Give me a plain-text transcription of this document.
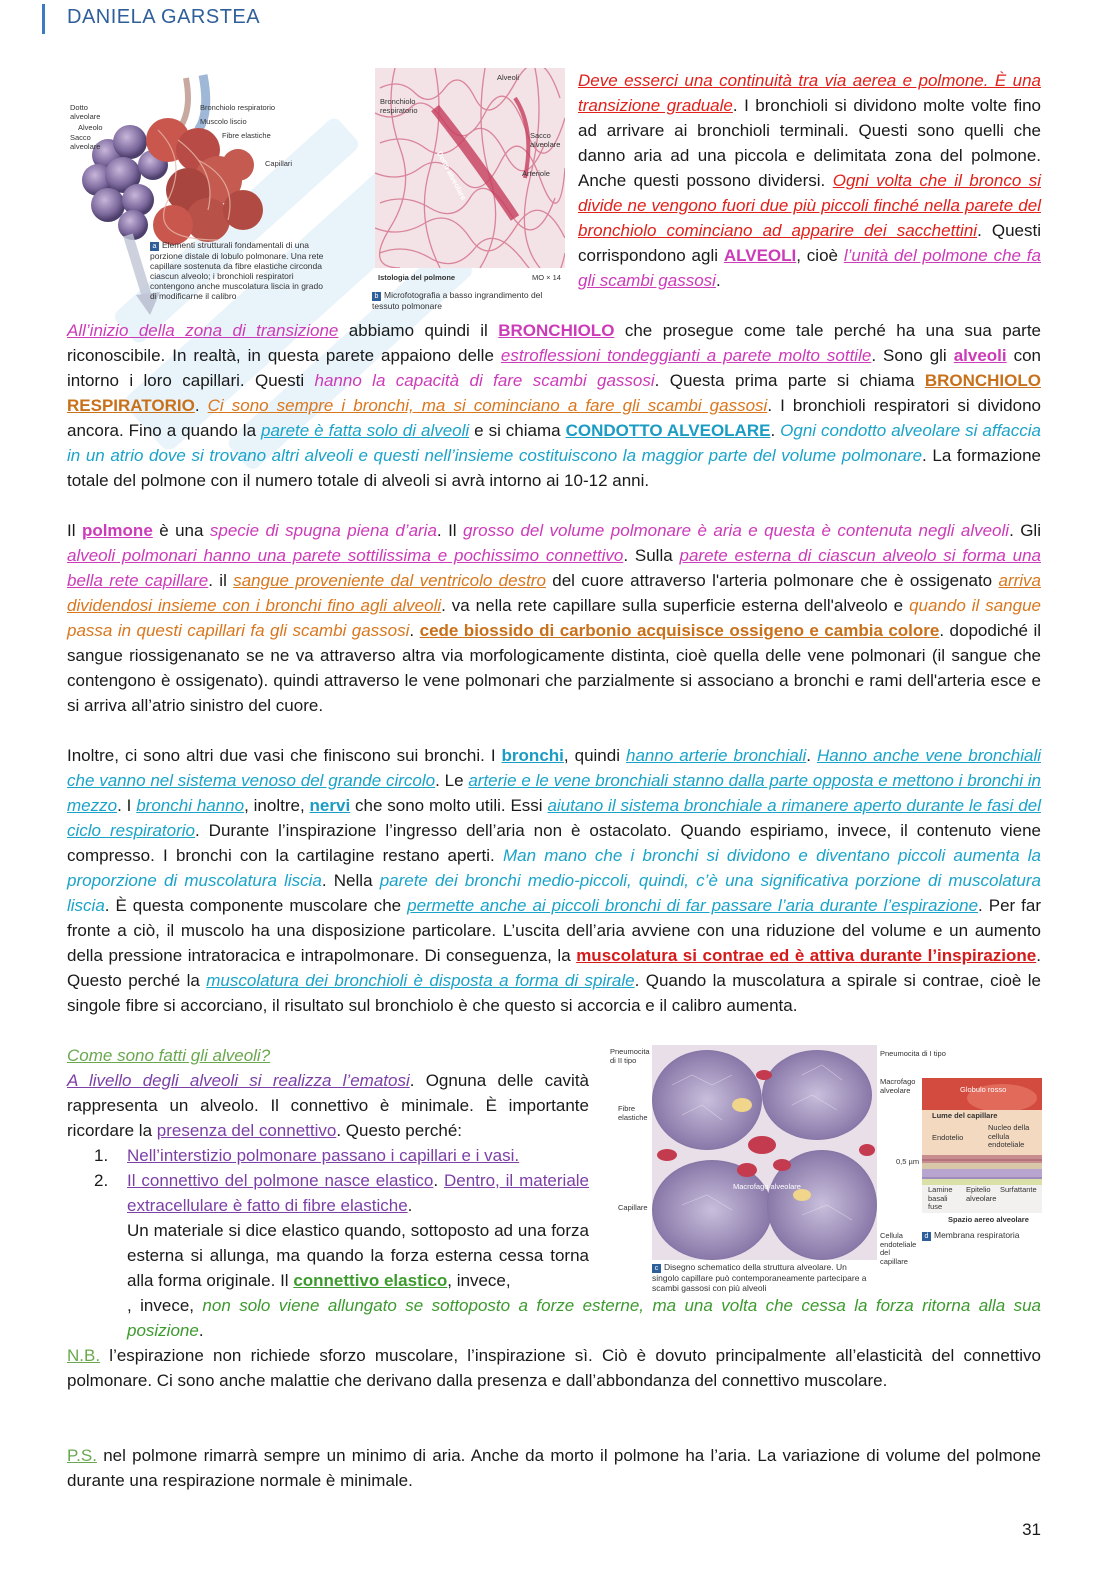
DANIELA GARSTEA
Dotto alveolare
Alveolo
Sacco alveolare
Bronchiolo respiratorio
Muscolo liscio
Fibre elastiche
Capillari
a Elementi strutturali fondamentali di una porzione distale di lobulo polmonare. Una rete capillare sostenuta da fibre elastiche circonda ciascun alveolo; i bronchioli respiratori contengono anche muscolatura liscia in grado di modificarne il calibro
Bronchiolo respiratorio
Alveoli
Sacco alveolare
Dotto alveolare	Arteriole
Istologia del polmone	MO × 14
b Microfotografia a basso ingrandimento del tessuto polmonare
Deve esserci una continuità tra via aerea e polmone. È una transizione graduale. I bronchioli si dividono molte volte fino ad arrivare ai bronchioli terminali. Questi sono quelli che danno aria ad una piccola e delimitata zona del polmone. Anche questi possono dividersi. Ogni volta che il bronco si divide ne vengono fuori due più piccoli finché nella parete del bronchiolo cominciano ad apparire dei sacchettini. Questi corrispondono agli ALVEOLI, cioè l’unità del polmone che fa gli scambi gassosi.
All’inizio della zona di transizione abbiamo quindi il BRONCHIOLO che prosegue come tale perché ha una sua parte riconoscibile. In realtà, in questa parete appaiono delle estroflessioni tondeggianti a parete molto sottile. Sono gli alveoli con intorno i loro capillari. Questi hanno la capacità di fare scambi gassosi. Questa prima parte si chiama BRONCHIOLO RESPIRATORIO. Ci sono sempre i bronchi, ma si cominciano a fare gli scambi gassosi. I bronchioli respiratori si dividono ancora. Fino a quando la parete è fatta solo di alveoli e si chiama CONDOTTO ALVEOLARE. Ogni condotto alveolare si affaccia in un atrio dove si trovano altri alveoli e questi nell’insieme costituiscono la maggior parte del volume polmonare. La formazione totale del polmone con il numero totale di alveoli si avrà intorno ai 10-12 anni.
Il polmone è una specie di spugna piena d’aria. Il grosso del volume polmonare è aria e questa è contenuta negli alveoli. Gli alveoli polmonari hanno una parete sottilissima e pochissimo connettivo. Sulla parete esterna di ciascun alveolo si forma una bella rete capillare. il sangue proveniente dal ventricolo destro del cuore attraverso l'arteria polmonare che è ossigenato arriva dividendosi insieme con i bronchi fino agli alveoli. va nella rete capillare sulla superficie esterna dell'alveolo e quando il sangue passa in questi capillari fa gli scambi gassosi. cede biossido di carbonio acquisisce ossigeno e cambia colore. dopodiché il sangue riossigenanato se ne va attraverso altra via morfologicamente distinta, cioè quella delle vene polmonari (il sangue che contengono è ossigenato). quindi attraverso le vene polmonari che parzialmente si associano a bronchi e rami dell'arteria esce e si arriva all’atrio sinistro del cuore.
Inoltre, ci sono altri due vasi che finiscono sui bronchi. I bronchi, quindi hanno arterie bronchiali. Hanno anche vene bronchiali che vanno nel sistema venoso del grande circolo. Le arterie e le vene bronchiali stanno dalla parte opposta e mettono i bronchi in mezzo. I bronchi hanno, inoltre, nervi che sono molto utili. Essi aiutano il sistema bronchiale a rimanere aperto durante le fasi del ciclo respiratorio. Durante l’inspirazione l’ingresso dell’aria non è ostacolato. Quando espiriamo, invece, il contenuto viene compresso. I bronchi con la cartilagine restano aperti. Man mano che i bronchi si dividono e diventano piccoli aumenta la proporzione di muscolatura liscia. Nella parete dei bronchi medio-piccoli, quindi, c’è una significativa porzione di muscolatura liscia. È questa componente muscolare che permette anche ai piccoli bronchi di far passare l’aria durante l’espirazione. Per far fronte a ciò, il muscolo ha una disposizione particolare. L’uscita dell’aria avviene con una riduzione del volume e un aumento della pressione intratoracica e intrapolmonare. Di conseguenza, la muscolatura si contrae ed è attiva durante l’inspirazione. Questo perché la muscolatura dei bronchioli è disposta a forma di spirale. Quando la muscolatura a spirale si contrae, cioè le singole fibre si accorciano, il risultato sul bronchiolo è che questo si accorcia e il calibro aumenta.
Pneumocita di II tipo
Fibre elastiche
Pneumocita di I tipo
Macrofago alveolare
Macrofago alveolare
Capillare
Cellula endoteliale del capillare
c Disegno schematico della struttura alveolare. Un singolo capillare può contemporaneamente partecipare a scambi gassosi con più alveoli
Globulo rosso
Lume del capillare
Nucleo della cellula endoteliale
Endotelio
0,5 µm
Lamine basali fuse
Epitelio alveolare
Surfattante
Spazio aereo alveolare
d Membrana respiratoria
Come sono fatti gli alveoli?
A livello degli alveoli si realizza l’ematosi. Ognuna delle cavità rappresenta un alveolo. Il connettivo è minimale. È importante ricordare la presenza del connettivo. Questo perché:
1.	Nell’interstizio polmonare passano i capillari e i vasi.
2.	Il connettivo del polmone nasce elastico. Dentro, il materiale extracellulare è fatto di fibre elastiche.
Un materiale si dice elastico quando, sottoposto ad una forza esterna si allunga, ma quando la forza esterna cessa torna alla forma originale. Il connettivo elastico, invece,
, invece, non solo viene allungato se sottoposto a forze esterne, ma una volta che cessa la forza ritorna alla sua posizione.
N.B. l’espirazione non richiede sforzo muscolare, l’inspirazione sì. Ciò è dovuto principalmente all’elasticità del connettivo polmonare. Ci sono anche malattie che derivano dalla presenza e dall’abbondanza del connettivo muscolare.
P.S. nel polmone rimarrà sempre un minimo di aria. Anche da morto il polmone ha l’aria. La variazione di volume del polmone durante una respirazione normale è minimale.
31
